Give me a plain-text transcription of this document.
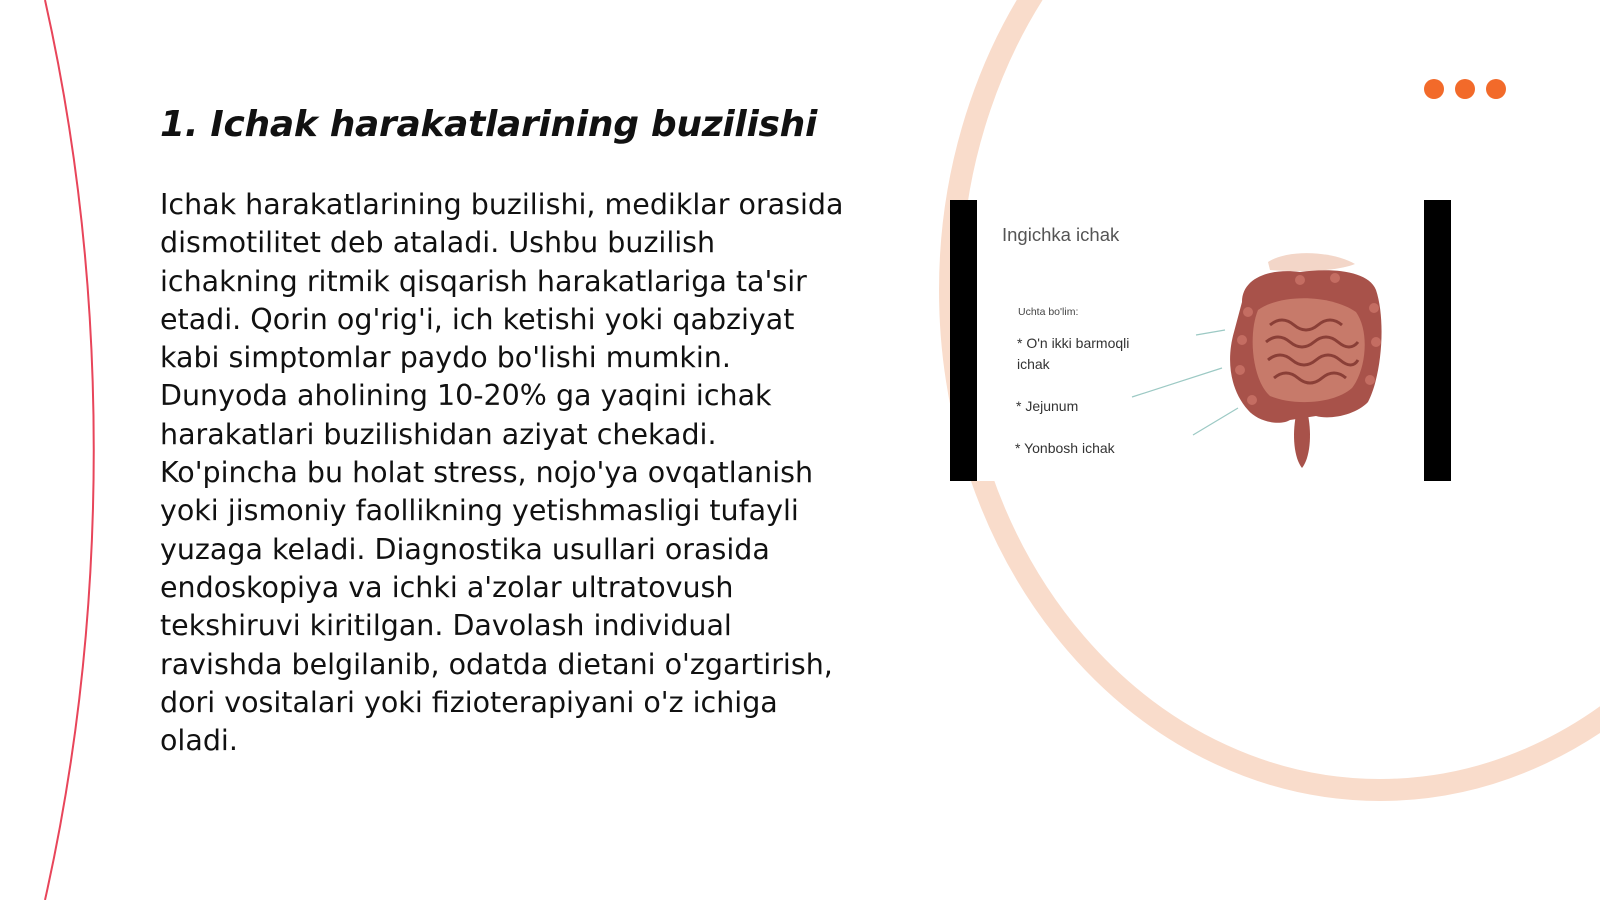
1. Ichak harakatlarining buzilishi

Ichak harakatlarining buzilishi, mediklar orasida dismotilitet deb ataladi. Ushbu buzilish ichakning ritmik qisqarish harakatlariga ta'sir etadi. Qorin og'rig'i, ich ketishi yoki qabziyat kabi simptomlar paydo bo'lishi mumkin. Dunyoda aholining 10-20% ga yaqini ichak harakatlari buzilishidan aziyat chekadi. Ko'pincha bu holat stress, nojo'ya ovqatlanish yoki jismoniy faollikning yetishmasligi tufayli yuzaga keladi. Diagnostika usullari orasida endoskopiya va ichki a'zolar ultratovush tekshiruvi kiritilgan. Davolash individual ravishda belgilanib, odatda dietani o'zgartirish, dori vositalari yoki fizioterapiyani o'z ichiga oladi.

Ingichka ichak
Uchta bo'lim:
* O'n ikki barmoqli ichak
* Jejunum
* Yonbosh ichak
